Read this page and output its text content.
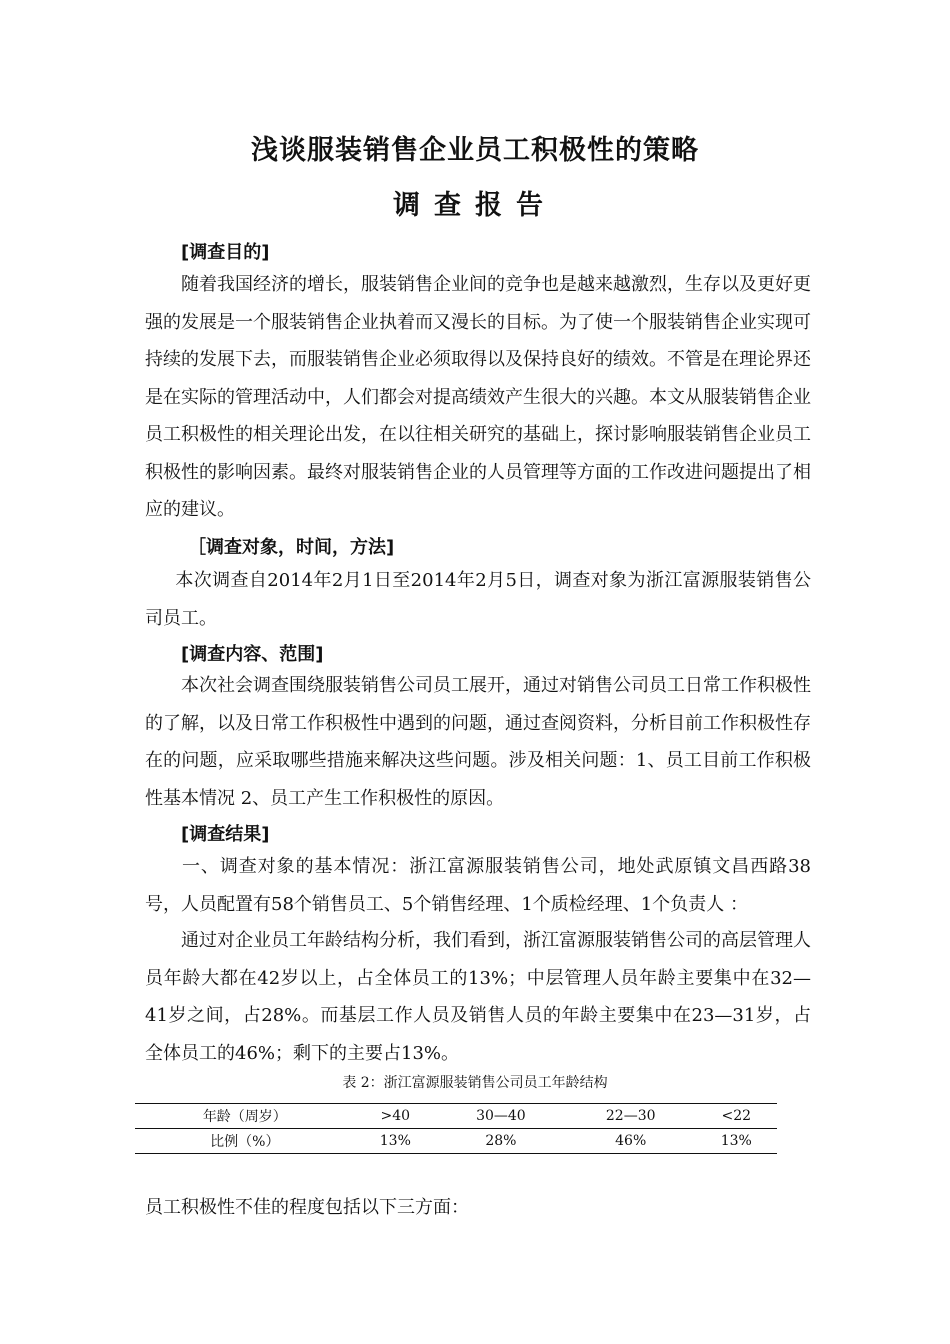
浅谈服装销售企业员工积极性的策略
调查报告
[调查目的]
随着我国经济的增长，服装销售企业间的竞争也是越来越激烈，生存以及更好更强的发展是一个服装销售企业执着而又漫长的目标。为了使一个服装销售企业实现可持续的发展下去，而服装销售企业必须取得以及保持良好的绩效。不管是在理论界还是在实际的管理活动中，人们都会对提高绩效产生很大的兴趣。本文从服装销售企业员工积极性的相关理论出发，在以往相关研究的基础上，探讨影响服装销售企业员工积极性的影响因素。最终对服装销售企业的人员管理等方面的工作改进问题提出了相应的建议。
［调查对象，时间，方法]
本次调查自2014年2月1日至2014年2月5日，调查对象为浙江富源服装销售公司员工。
[调查内容、范围]
本次社会调查围绕服装销售公司员工展开，通过对销售公司员工日常工作积极性的了解，以及日常工作积极性中遇到的问题，通过查阅资料，分析目前工作积极性存在的问题，应采取哪些措施来解决这些问题。涉及相关问题：1、员工目前工作积极性基本情况 2、员工产生工作积极性的原因。
[调查结果]
一、调查对象的基本情况：浙江富源服装销售公司，地处武原镇文昌西路38号，人员配置有58个销售员工、5个销售经理、1个质检经理、1个负责人 ：
通过对企业员工年龄结构分析，我们看到，浙江富源服装销售公司的高层管理人员年龄大都在42岁以上，占全体员工的13%；中层管理人员年龄主要集中在32—41岁之间，占28%。而基层工作人员及销售人员的年龄主要集中在23—31岁，占全体员工的46%；剩下的主要占13%。
表 2：浙江富源服装销售公司员工年龄结构
年龄（周岁）	>40	30—40	22—30	<22
比例（%）	13%	28%	46%	13%
员工积极性不佳的程度包括以下三方面：
